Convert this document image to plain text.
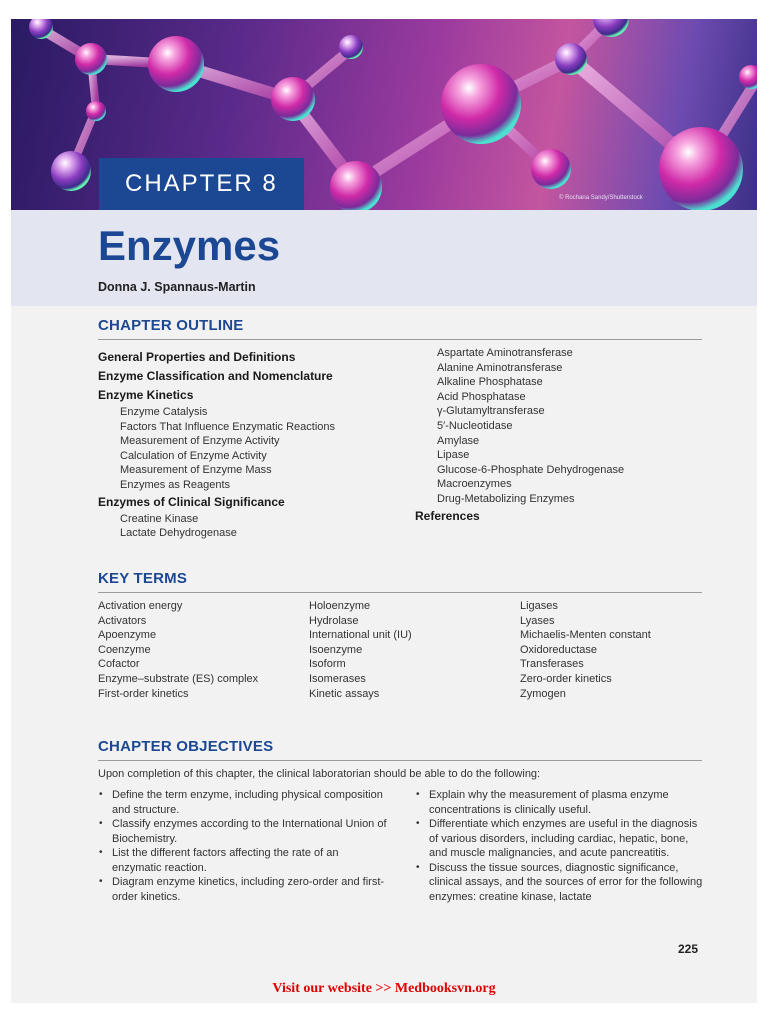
CHAPTER 8
© Rochana Sandy/Shutterstock
Enzymes

Donna J. Spannaus-Martin

CHAPTER OUTLINE
General Properties and Definitions
Enzyme Classification and Nomenclature
Enzyme Kinetics
Enzyme Catalysis
Factors That Influence Enzymatic Reactions
Measurement of Enzyme Activity
Calculation of Enzyme Activity
Measurement of Enzyme Mass
Enzymes as Reagents
Enzymes of Clinical Significance
Creatine Kinase
Lactate Dehydrogenase
Aspartate Aminotransferase
Alanine Aminotransferase
Alkaline Phosphatase
Acid Phosphatase
γ-Glutamyltransferase
5′-Nucleotidase
Amylase
Lipase
Glucose-6-Phosphate Dehydrogenase
Macroenzymes
Drug-Metabolizing Enzymes
References
KEY TERMS
Activation energy
Activators
Apoenzyme
Coenzyme
Cofactor
Enzyme–substrate (ES) complex
First-order kinetics
Holoenzyme
Hydrolase
International unit (IU)
Isoenzyme
Isoform
Isomerases
Kinetic assays
Ligases
Lyases
Michaelis-Menten constant
Oxidoreductase
Transferases
Zero-order kinetics
Zymogen
CHAPTER OBJECTIVES

Upon completion of this chapter, the clinical laboratorian should be able to do the following:

• Define the term enzyme, including physical composition and structure.
• Classify enzymes according to the International Union of Biochemistry.
• List the different factors affecting the rate of an enzymatic reaction.
• Diagram enzyme kinetics, including zero-order and first-order kinetics.
• Explain why the measurement of plasma enzyme concentrations is clinically useful.
• Differentiate which enzymes are useful in the diagnosis of various disorders, including cardiac, hepatic, bone, and muscle malignancies, and acute pancreatitis.
• Discuss the tissue sources, diagnostic significance, clinical assays, and the sources of error for the following enzymes: creatine kinase, lactate
225
Visit our website >> Medbooksvn.org
